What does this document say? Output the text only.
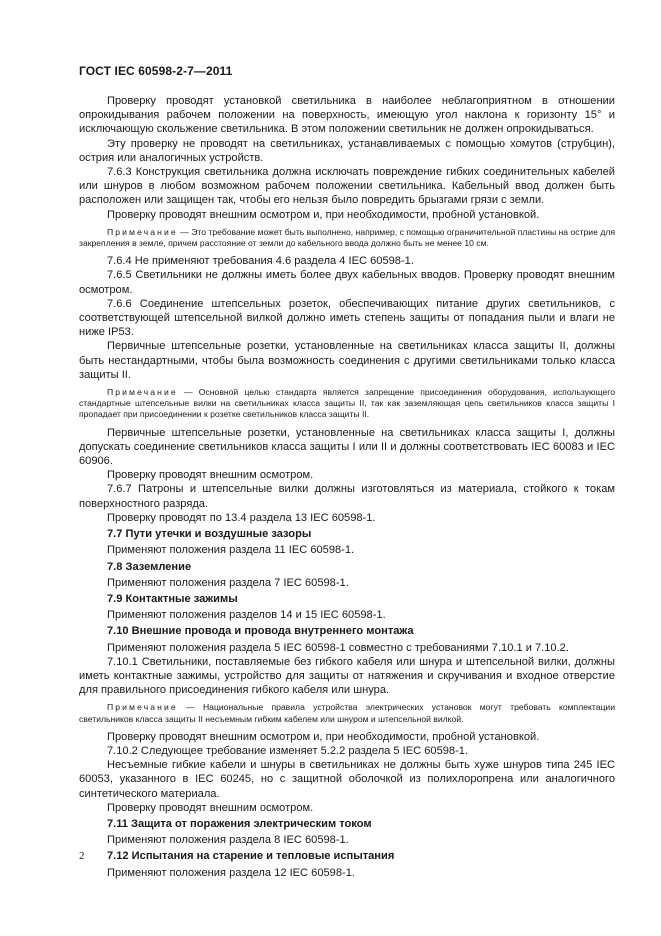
ГОСТ IEC 60598-2-7—2011

Проверку проводят установкой светильника в наиболее неблагоприятном в отношении опрокидывания рабочем положении на поверхность, имеющую угол наклона к горизонту 15° и исключающую скольжение светильника. В этом положении светильник не должен опрокидываться.

Эту проверку не проводят на светильниках, устанавливаемых с помощью хомутов (струбцин), острия или аналогичных устройств.

7.6.3 Конструкция светильника должна исключать повреждение гибких соединительных кабелей или шнуров в любом возможном рабочем положении светильника. Кабельный ввод должен быть расположен или защищен так, чтобы его нельзя было повредить брызгами грязи с земли.

Проверку проводят внешним осмотром и, при необходимости, пробной установкой.

Примечание — Это требование может быть выполнено, например, с помощью ограничительной пластины на острие для закрепления в земле, причем расстояние от земли до кабельного ввода должно быть не менее 10 см.

7.6.4 Не применяют требования 4.6 раздела 4 IEC 60598-1.

7.6.5 Светильники не должны иметь более двух кабельных вводов. Проверку проводят внешним осмотром.

7.6.6 Соединение штепсельных розеток, обеспечивающих питание других светильников, с соответствующей штепсельной вилкой должно иметь степень защиты от попадания пыли и влаги не ниже IP53.

Первичные штепсельные розетки, установленные на светильниках класса защиты II, должны быть нестандартными, чтобы была возможность соединения с другими светильниками только класса защиты II.

Примечание — Основной целью стандарта является запрещение присоединения оборудования, использующего стандартные штепсельные вилки на светильниках класса защиты II, так как заземляющая цепь светильников класса защиты I пропадает при присоединении к розетке светильников класса защиты II.

Первичные штепсельные розетки, установленные на светильниках класса защиты I, должны допускать соединение светильников класса защиты I или II и должны соответствовать IEC 60083 и IEC 60906.

Проверку проводят внешним осмотром.

7.6.7 Патроны и штепсельные вилки должны изготовляться из материала, стойкого к токам поверхностного разряда.

Проверку проводят по 13.4 раздела 13 IEC 60598-1.

7.7 Пути утечки и воздушные зазоры

Применяют положения раздела 11 IEC 60598-1.

7.8 Заземление

Применяют положения раздела 7 IEC 60598-1.

7.9 Контактные зажимы

Применяют положения разделов 14 и 15 IEC 60598-1.

7.10 Внешние провода и провода внутреннего монтажа

Применяют положения раздела 5 IEC 60598-1 совместно с требованиями 7.10.1 и 7.10.2.

7.10.1 Светильники, поставляемые без гибкого кабеля или шнура и штепсельной вилки, должны иметь контактные зажимы, устройство для защиты от натяжения и скручивания и входное отверстие для правильного присоединения гибкого кабеля или шнура.

Примечание — Национальные правила устройства электрических установок могут требовать комплектации светильников класса защиты II несъемным гибким кабелем или шнуром и штепсельной вилкой.

Проверку проводят внешним осмотром и, при необходимости, пробной установкой.

7.10.2 Следующее требование изменяет 5.2.2 раздела 5 IEC 60598-1.

Несъемные гибкие кабели и шнуры в светильниках не должны быть хуже шнуров типа 245 IEC 60053, указанного в IEC 60245, но с защитной оболочкой из полихлоропрена или аналогичного синтетического материала.

Проверку проводят внешним осмотром.

7.11 Защита от поражения электрическим током

Применяют положения раздела 8 IEC 60598-1.

7.12 Испытания на старение и тепловые испытания

Применяют положения раздела 12 IEC 60598-1.

2
